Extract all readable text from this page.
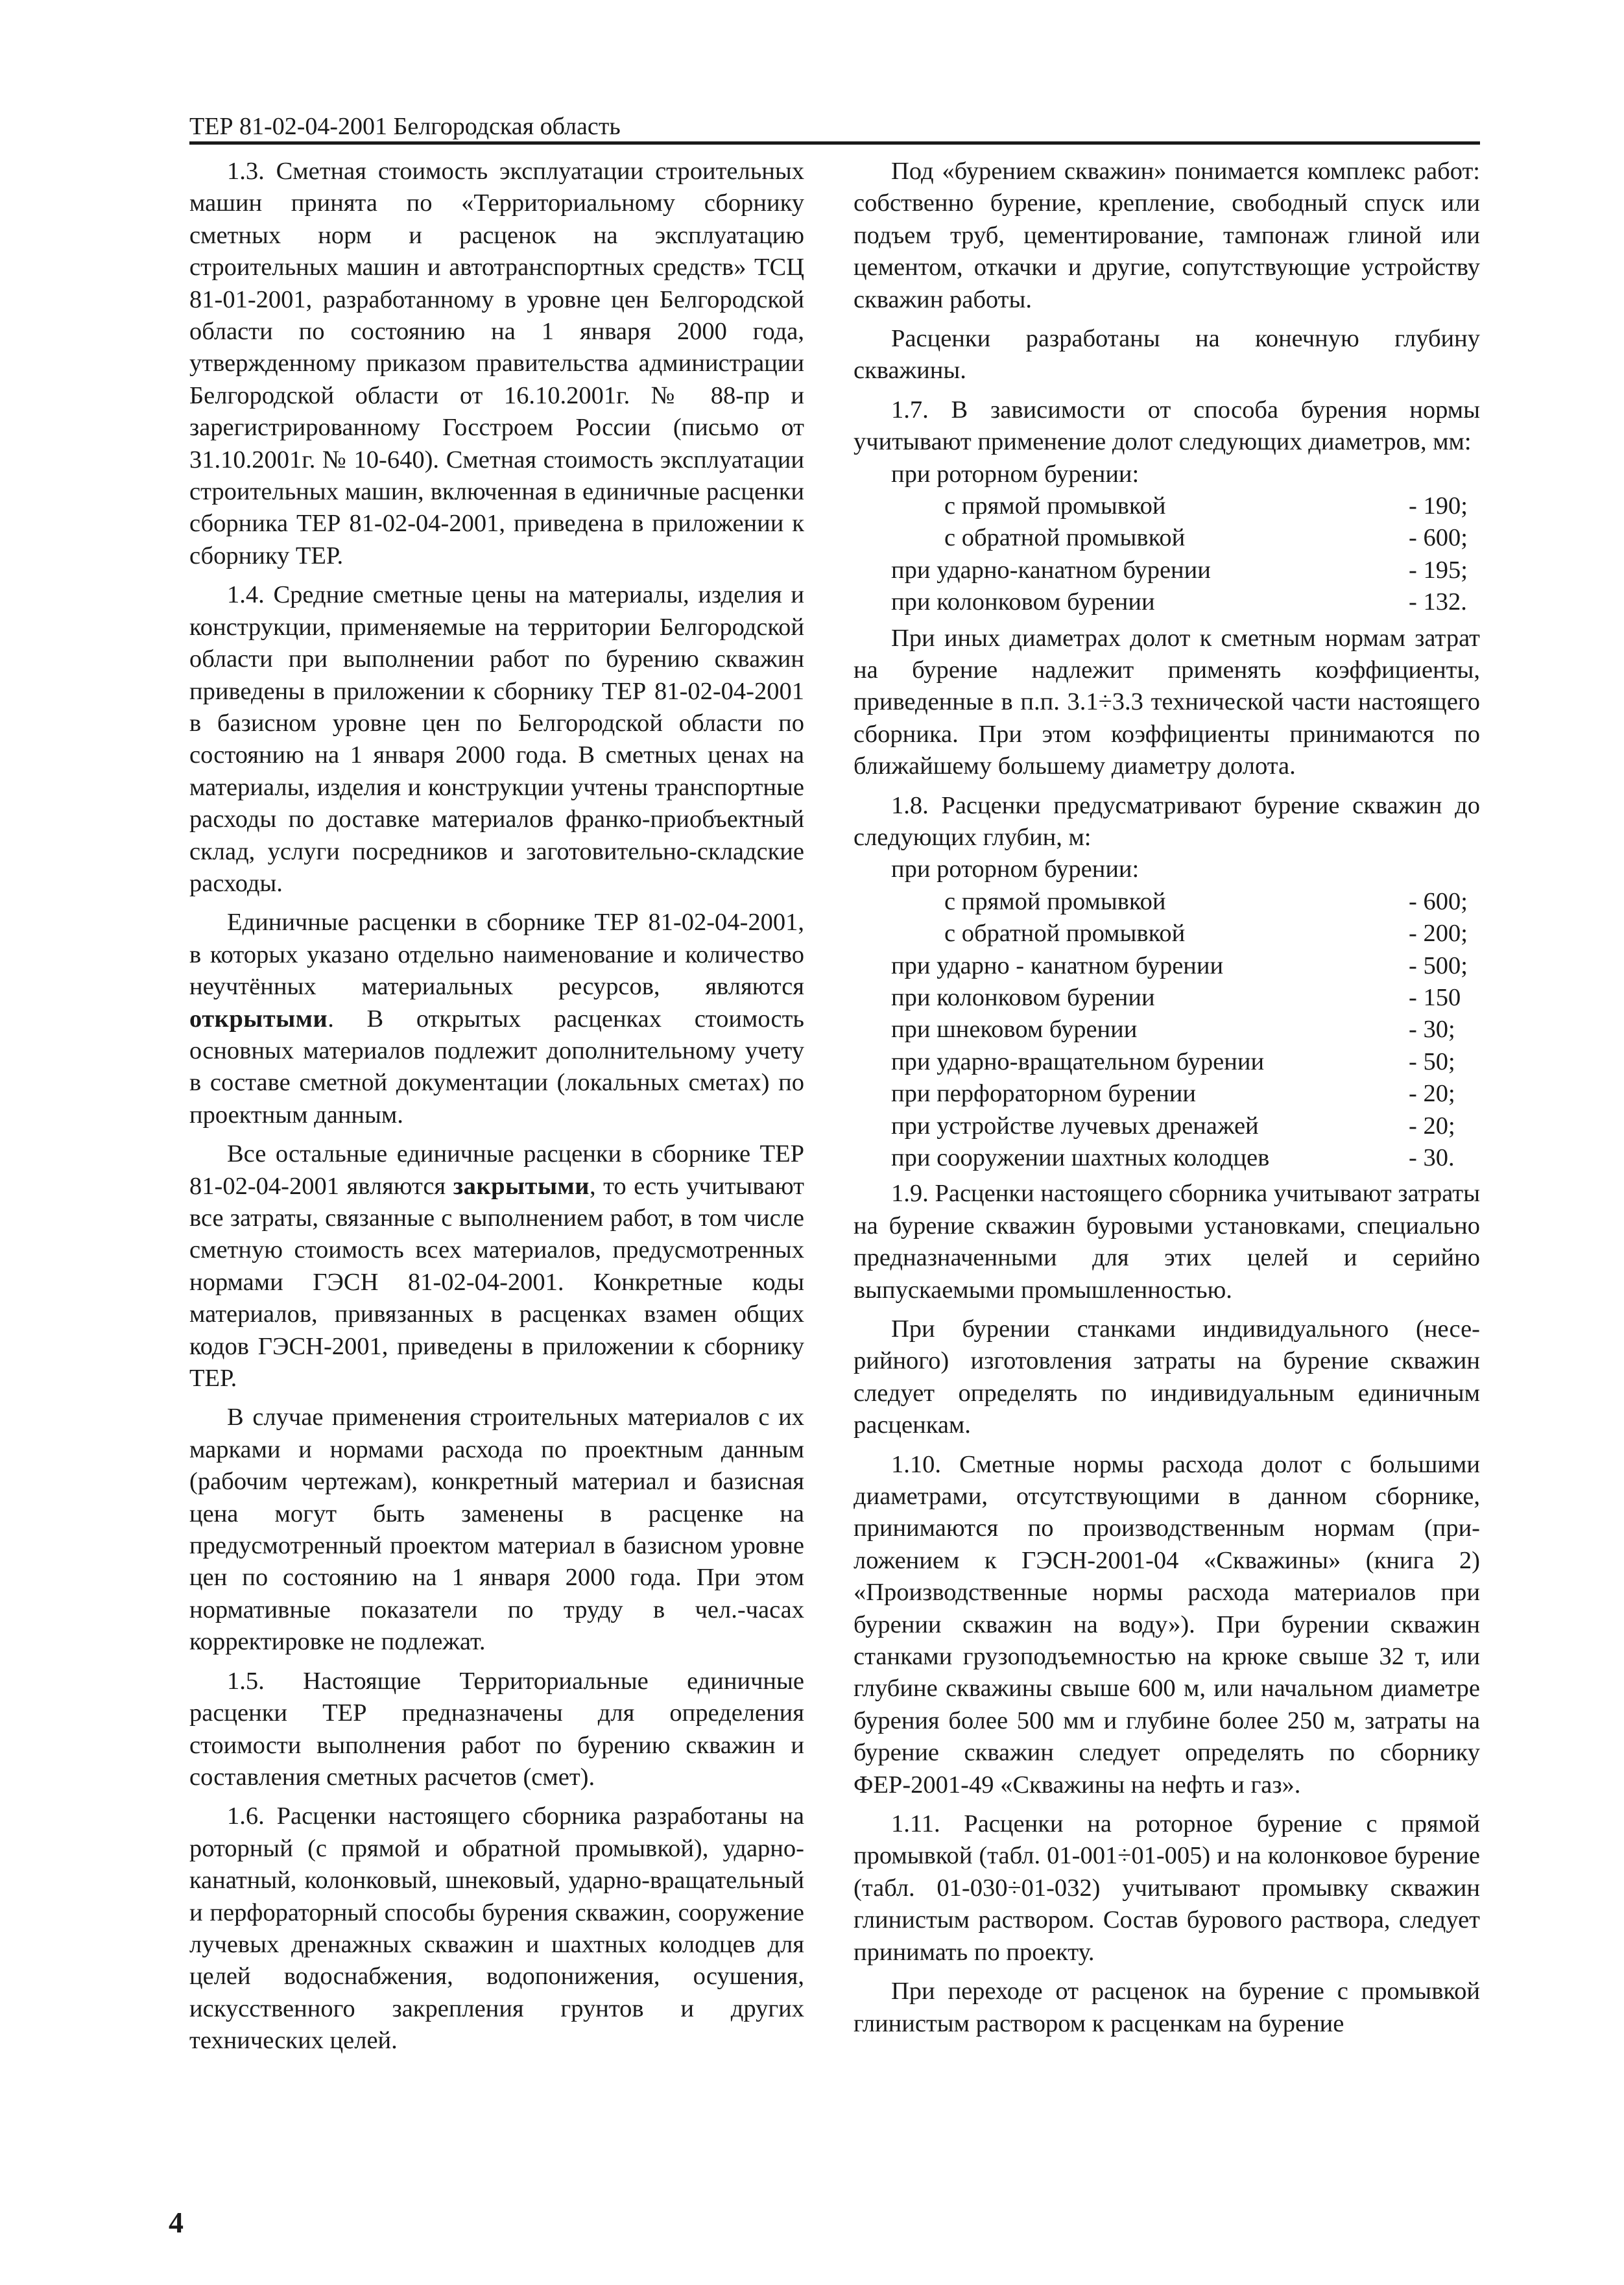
ТЕР 81-02-04-2001 Белгородская область

1.3. Сметная стоимость эксплуатации строительных машин принята по «Территориальному сборнику сметных норм и расценок на эксплуатацию строительных машин и автотранспортных средств» ТСЦ 81-01-2001, разработанному в уровне цен Белгородской области по состоянию на 1 января 2000 года, утвержденному приказом правительства администрации Белгородской области от 16.10.2001г. № 88-пр и зарегистрированному Госстроем России (письмо от 31.10.2001г. № 10-640). Сметная стоимость эксплуатации строительных машин, включенная в единичные расценки сборника ТЕР 81-02-04-2001, приведена в приложении к сборнику ТЕР.

1.4. Средние сметные цены на материалы, изделия и конструкции, применяемые на территории Белгородской области при выполнении работ по бурению скважин приведены в приложении к сборнику ТЕР 81-02-04-2001 в базисном уровне цен по Белгородской области по состоянию на 1 января 2000 года. В сметных ценах на материалы, изделия и конструкции учтены транспортные расходы по доставке материалов франко-приобъектный склад, услуги посредников и заготовительно-складские расходы.

Единичные расценки в сборнике ТЕР 81-02-04-2001, в которых указано отдельно наименование и количество неучтённых материальных ресурсов, являются открытыми. В открытых расценках стоимость основных материалов подлежит дополнительному учету в составе сметной документации (локальных сметах) по проектным данным.

Все остальные единичные расценки в сборнике ТЕР 81-02-04-2001 являются закрытыми, то есть учитывают все затраты, связанные с выполнением работ, в том числе сметную стоимость всех материалов, предусмотренных нормами ГЭСН 81-02-04-2001. Конкретные коды материалов, привязанных в расценках взамен общих кодов ГЭСН-2001, приведены в приложении к сборнику ТЕР.

В случае применения строительных материалов с их марками и нормами расхода по проектным данным (рабочим чертежам), конкретный материал и базисная цена могут быть заменены в расценке на предусмотренный проектом материал в базисном уровне цен по состоянию на 1 января 2000 года. При этом нормативные показатели по труду в чел.-часах корректировке не подлежат.

1.5. Настоящие Территориальные единичные расценки ТЕР предназначены для определения стоимости выполнения работ по бурению скважин и составления сметных расчетов (смет).

1.6. Расценки настоящего сборника разработаны на роторный (с прямой и обратной промывкой), ударно-канатный, колонковый, шнековый, ударно-вращательный и перфораторный способы бурения скважин, сооружение лучевых дренажных скважин и шахтных колодцев для целей водоснабжения, водопонижения, осушения, искусственного закрепления грунтов и других технических целей.

Под «бурением скважин» понимается комплекс работ: собственно бурение, крепление, свободный спуск или подъем труб, цементирование, тампонаж глиной или цементом, откачки и другие, сопутствующие устройству скважин работы.

Расценки разработаны на конечную глубину скважины.

1.7. В зависимости от способа бурения нормы учитывают применение долот следующих диаметров, мм:

при роторном бурении:
с прямой промывкой	- 190;
с обратной промывкой	- 600;
при ударно-канатном бурении	- 195;
при колонковом бурении	- 132.

При иных диаметрах долот к сметным нормам затрат на бурение надлежит применять коэффициенты, приведенные в п.п. 3.1÷3.3 технической части настоящего сборника. При этом коэффициенты принимаются по ближайшему большему диаметру долота.

1.8. Расценки предусматривают бурение скважин до следующих глубин, м:

при роторном бурении:
с прямой промывкой	- 600;
с обратной промывкой	- 200;
при ударно - канатном бурении	- 500;
при колонковом бурении	- 150
при шнековом бурении	- 30;
при ударно-вращательном бурении	- 50;
при перфораторном бурении	- 20;
при устройстве лучевых дренажей	- 20;
при сооружении шахтных колодцев	- 30.

1.9. Расценки настоящего сборника учитывают затраты на бурение скважин буровыми установками, специально предназначенными для этих целей и серийно выпускаемыми промышленностью.

При бурении станками индивидуального (несерийного) изготовления затраты на бурение скважин следует определять по индивидуальным единичным расценкам.

1.10. Сметные нормы расхода долот с большими диаметрами, отсутствующими в данном сборнике, принимаются по производственным нормам (приложением к ГЭСН-2001-04 «Скважины» (книга 2) «Производственные нормы расхода материалов при бурении скважин на воду»). При бурении скважин станками грузоподъемностью на крюке свыше 32 т, или глубине скважины свыше 600 м, или начальном диаметре бурения более 500 мм и глубине более 250 м, затраты на бурение скважин следует определять по сборнику ФЕР-2001-49 «Скважины на нефть и газ».

1.11. Расценки на роторное бурение с прямой промывкой (табл. 01-001÷01-005) и на колонковое бурение (табл. 01-030÷01-032) учитывают промывку скважин глинистым раствором. Состав бурового раствора, следует принимать по проекту.

При переходе от расценок на бурение с промывкой глинистым раствором к расценкам на бурение

4
